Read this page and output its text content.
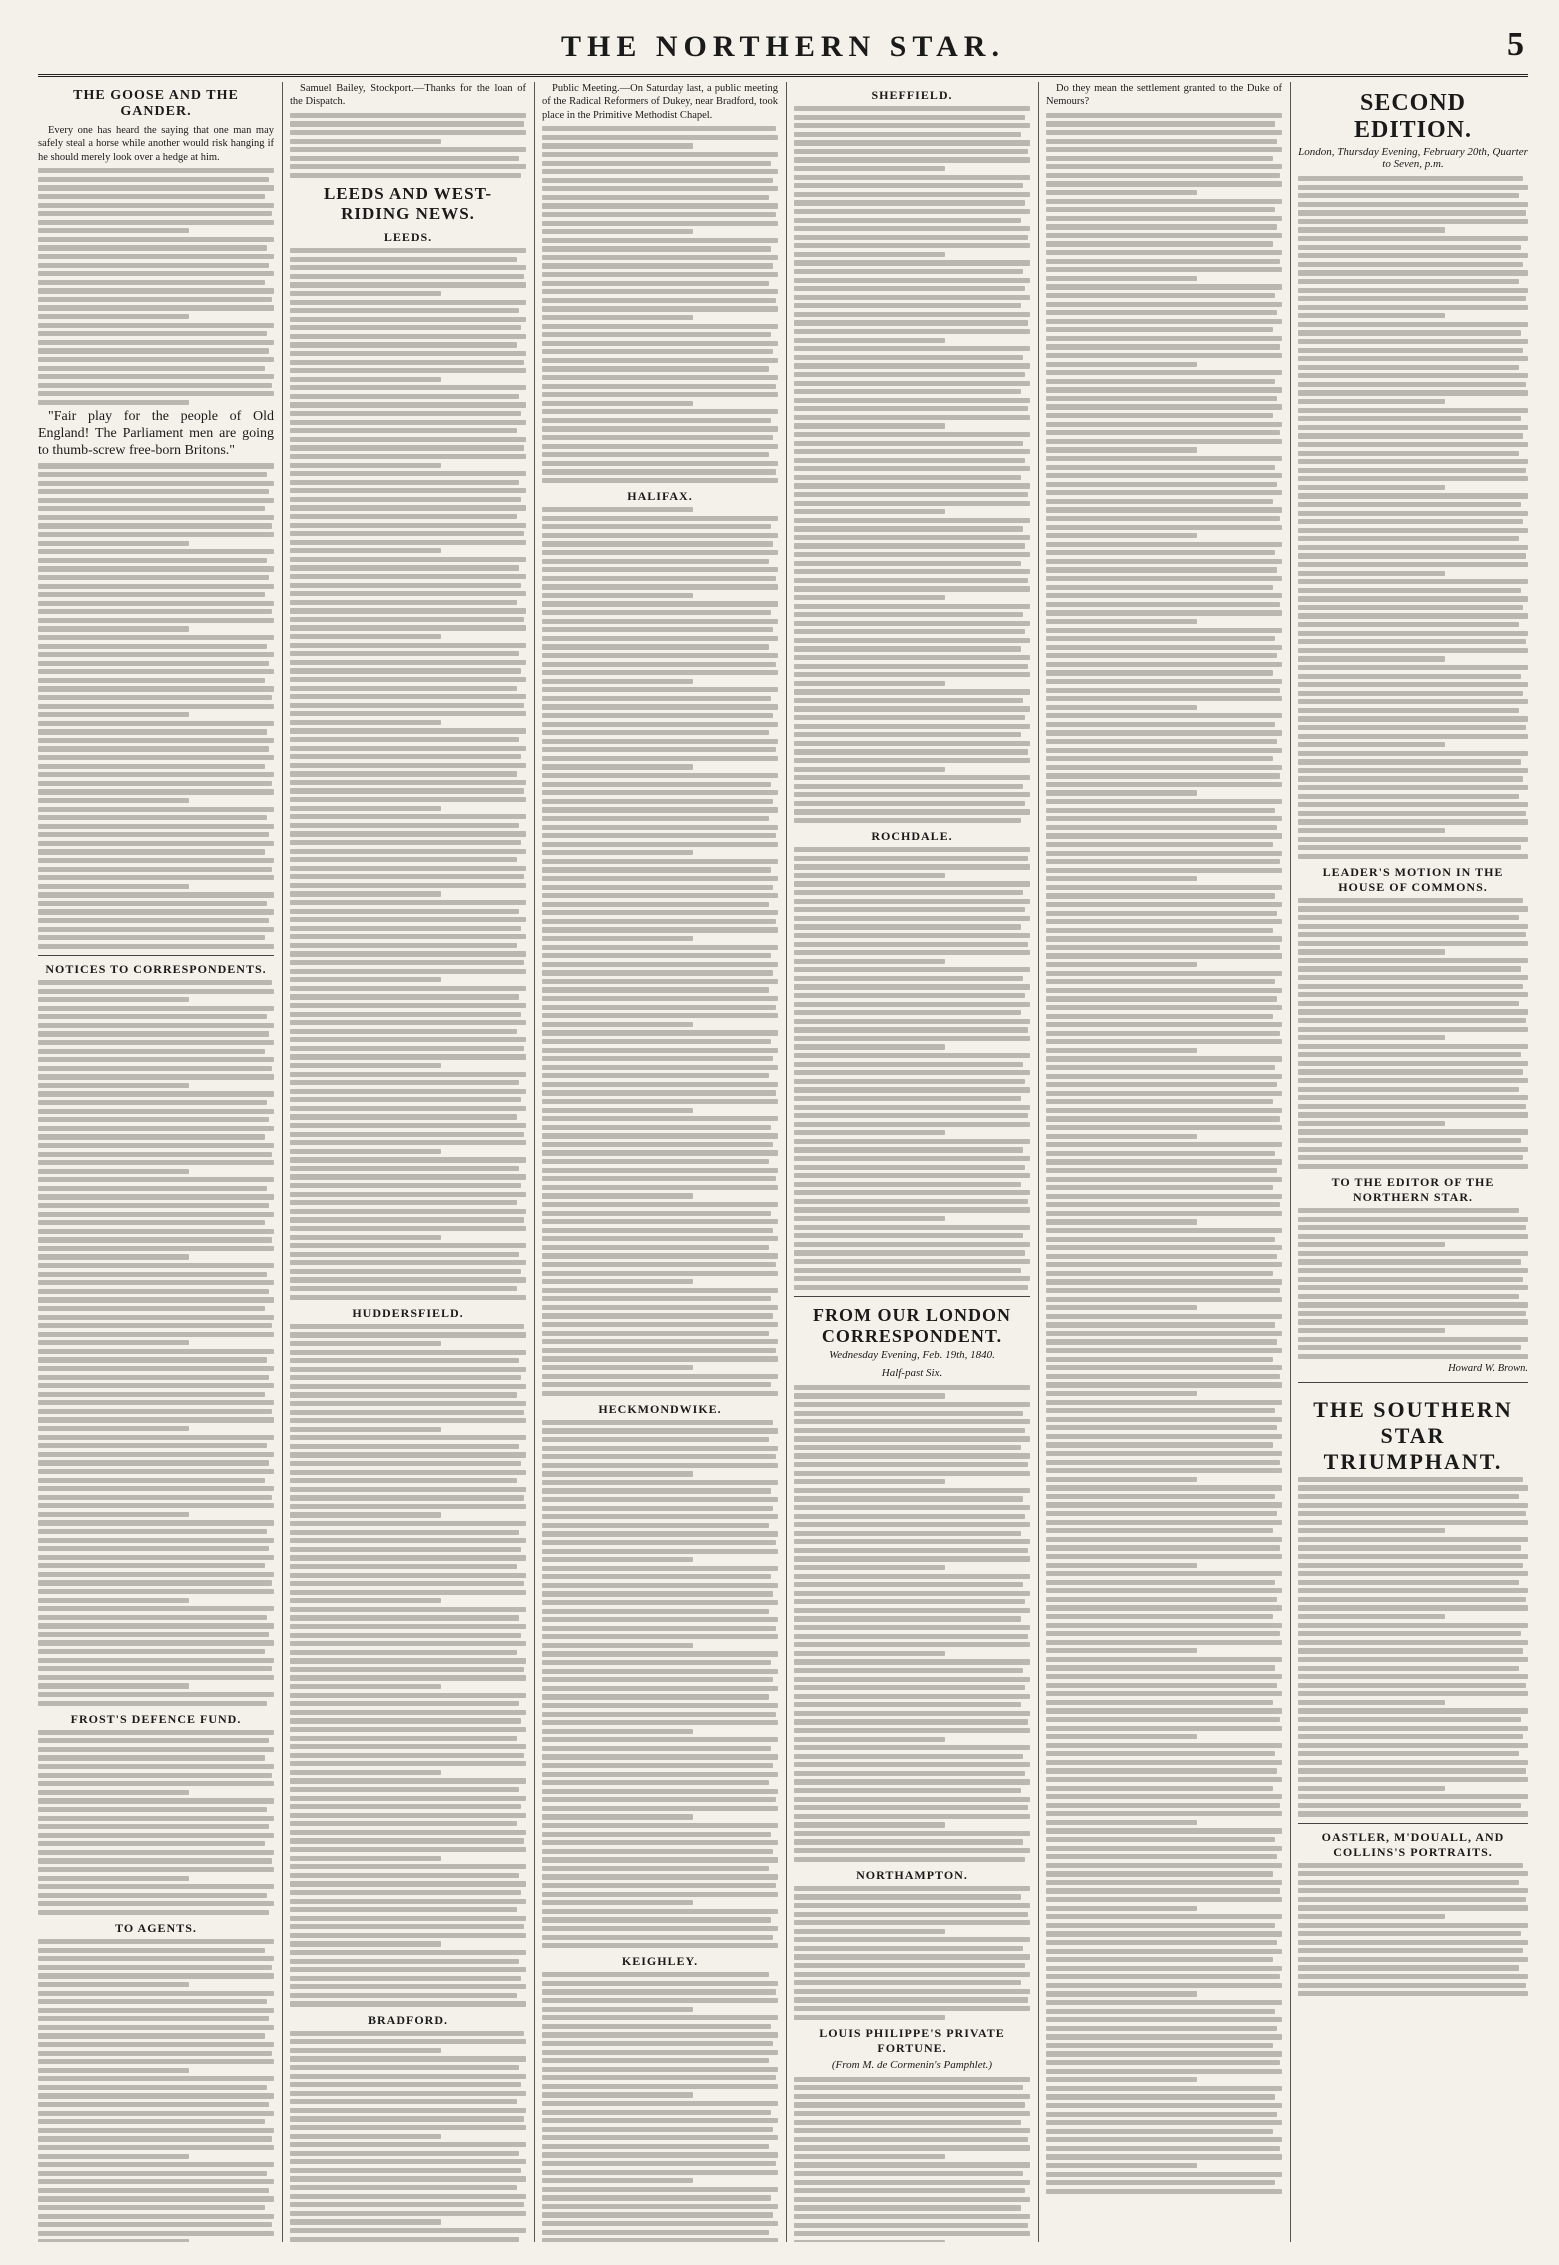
THE NORTHERN STAR.	5
THE GOOSE AND THE GANDER.

Every one has heard the saying that one man may safely steal a horse while another would risk hanging if he should merely look over a hedge at him.

"Fair play for the people of Old England! The Parliament men are going to thumb-screw free-born Britons."

NOTICES TO CORRESPONDENTS.
FROST'S DEFENCE FUND.
TO AGENTS.

Samuel Bailey, Stockport.—Thanks for the loan of the Dispatch.

LEEDS AND WEST-RIDING NEWS.
LEEDS.
HUDDERSFIELD.
BRADFORD.

Public Meeting.—On Saturday last, a public meeting of the Radical Reformers of Dukey, near Bradford, took place in the Primitive Methodist Chapel.

HALIFAX.
HECKMONDWIKE.
KEIGHLEY.
SHEFFIELD.
ROCHDALE.
FROM OUR LONDON CORRESPONDENT.
Wednesday Evening, Feb. 19th, 1840.
Half-past Six.
NORTHAMPTON.
LOUIS PHILIPPE'S PRIVATE FORTUNE.
(From M. de Cormenin's Pamphlet.)

Do they mean the settlement granted to the Duke of Nemours?	SECOND EDITION.
London, Thursday Evening, February 20th, Quarter to Seven, p.m.
LEADER'S MOTION IN THE HOUSE OF COMMONS.
TO THE EDITOR OF THE NORTHERN STAR.

Howard W. Brown.

THE SOUTHERN STAR TRIUMPHANT.
OASTLER, M'DOUALL, AND COLLINS'S PORTRAITS.
